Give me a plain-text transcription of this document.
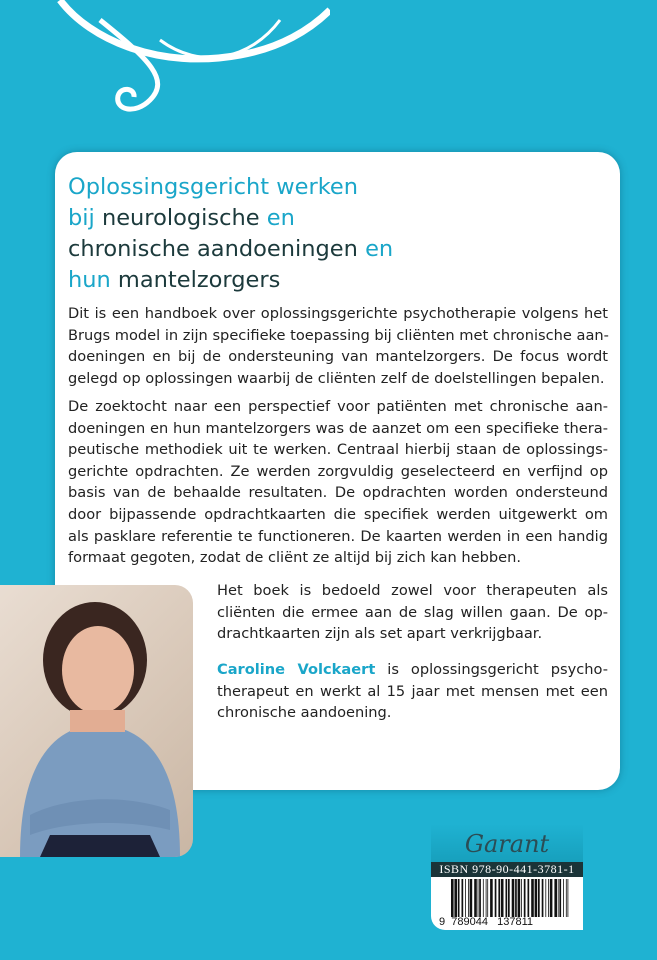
Oplossingsgericht werken
bij neurologische en
chronische aandoeningen en
hun mantelzorgers
Dit is een handboek over oplossingsgerichte psychotherapie volgens het
Brugs model in zijn specifieke toepassing bij cliënten met chronische aan-
doeningen en bij de ondersteuning van mantelzorgers. De focus wordt
gelegd op oplossingen waarbij de cliënten zelf de doelstellingen bepalen.
De zoektocht naar een perspectief voor patiënten met chronische aan-
doeningen en hun mantelzorgers was de aanzet om een specifieke thera-
peutische methodiek uit te werken. Centraal hierbij staan de oplossings-
gerichte opdrachten. Ze werden zorgvuldig geselecteerd en verfijnd op
basis van de behaalde resultaten. De opdrachten worden ondersteund
door bijpassende opdrachtkaarten die specifiek werden uitgewerkt om
als pasklare referentie te functioneren. De kaarten werden in een handig
formaat gegoten, zodat de cliënt ze altijd bij zich kan hebben.
Het boek is bedoeld zowel voor therapeuten als
cliënten die ermee aan de slag willen gaan. De op-
drachtkaarten zijn als set apart verkrijgbaar.
Caroline Volckaert is oplossingsgericht psycho-
therapeut en werkt al 15 jaar met mensen met een
chronische aandoening.
Garant
ISBN 978-90-441-3781-1
9  789044   137811
